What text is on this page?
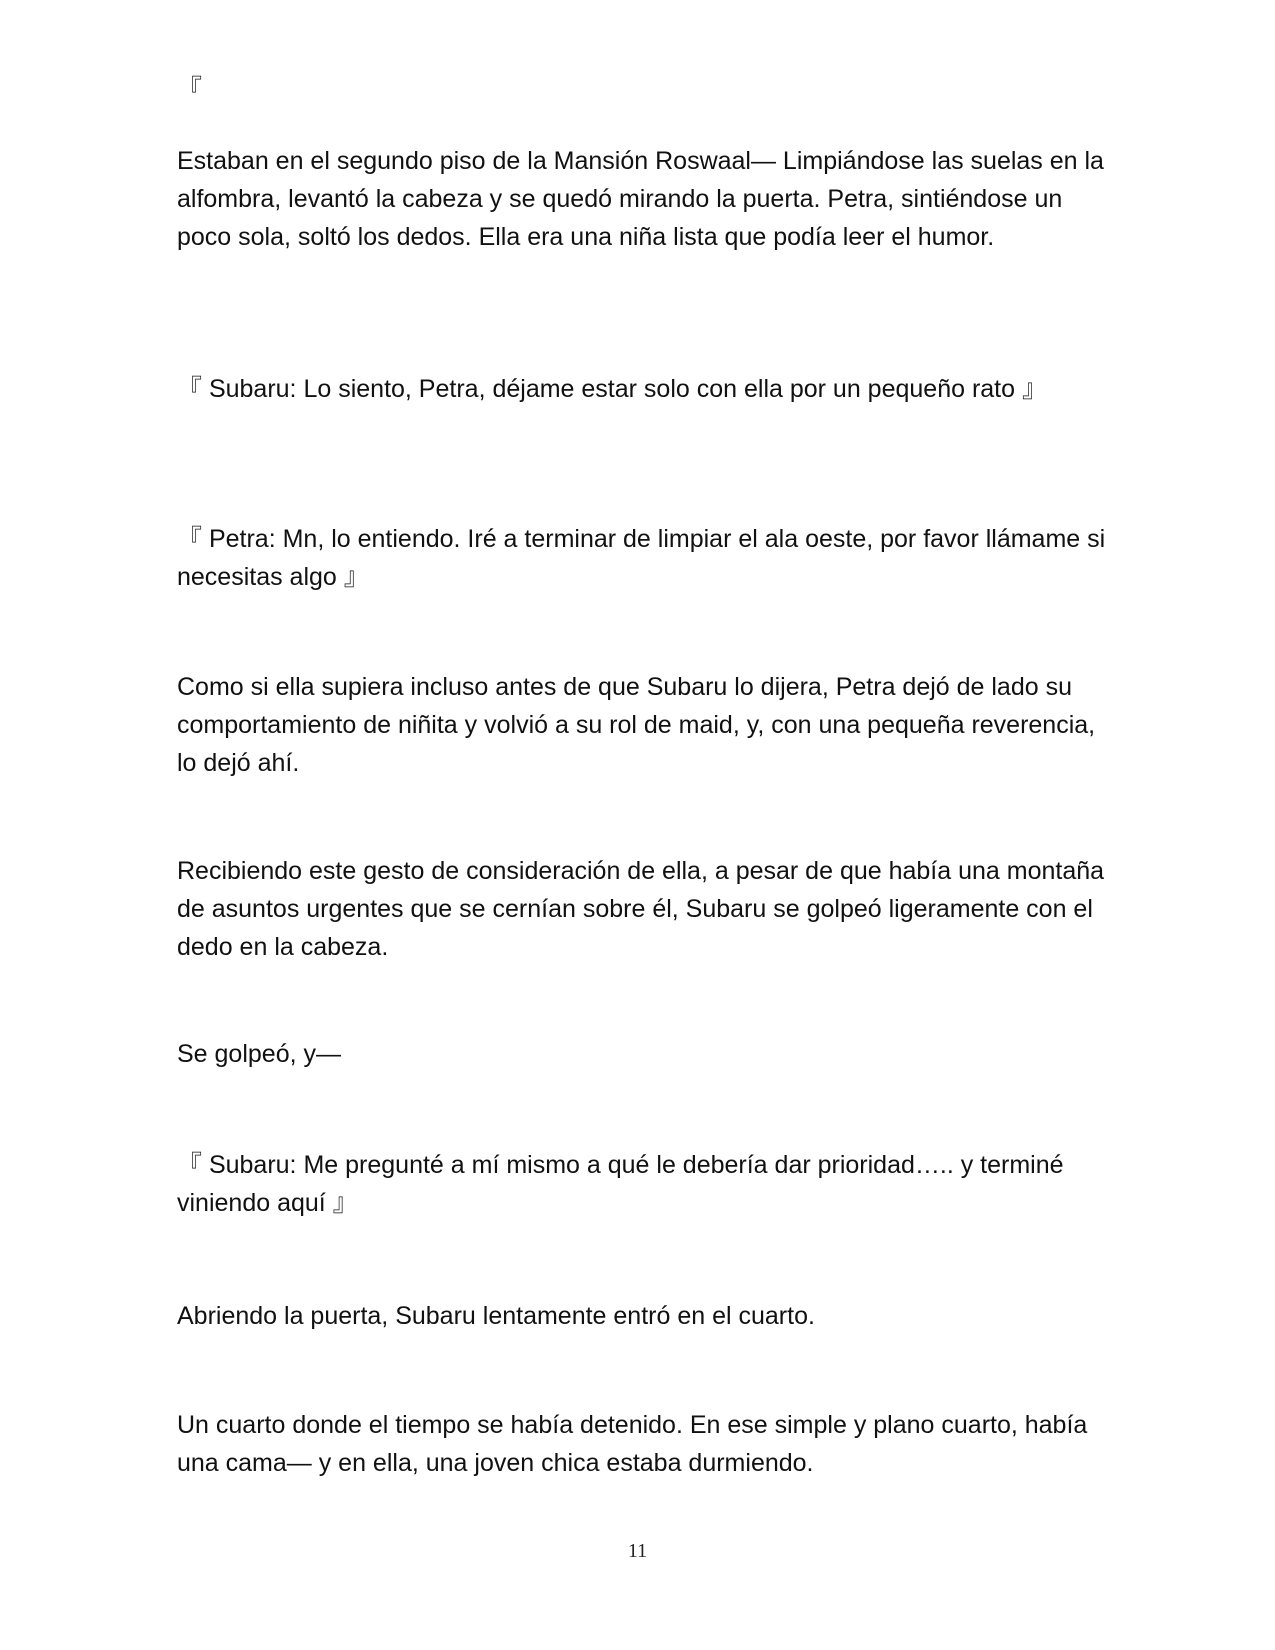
『

Estaban en el segundo piso de la Mansión Roswaal— Limpiándose las suelas en la alfombra, levantó la cabeza y se quedó mirando la puerta. Petra, sintiéndose un poco sola, soltó los dedos. Ella era una niña lista que podía leer el humor.

『 Subaru: Lo siento, Petra, déjame estar solo con ella por un pequeño rato 』

『 Petra: Mn, lo entiendo. Iré a terminar de limpiar el ala oeste, por favor llámame si necesitas algo 』

Como si ella supiera incluso antes de que Subaru lo dijera, Petra dejó de lado su comportamiento de niñita y volvió a su rol de maid, y, con una pequeña reverencia, lo dejó ahí.

Recibiendo este gesto de consideración de ella, a pesar de que había una montaña de asuntos urgentes que se cernían sobre él, Subaru se golpeó ligeramente con el dedo en la cabeza.

Se golpeó, y—

『 Subaru: Me pregunté a mí mismo a qué le debería dar prioridad….. y terminé viniendo aquí 』

Abriendo la puerta, Subaru lentamente entró en el cuarto.

Un cuarto donde el tiempo se había detenido. En ese simple y plano cuarto, había una cama— y en ella, una joven chica estaba durmiendo.

11
